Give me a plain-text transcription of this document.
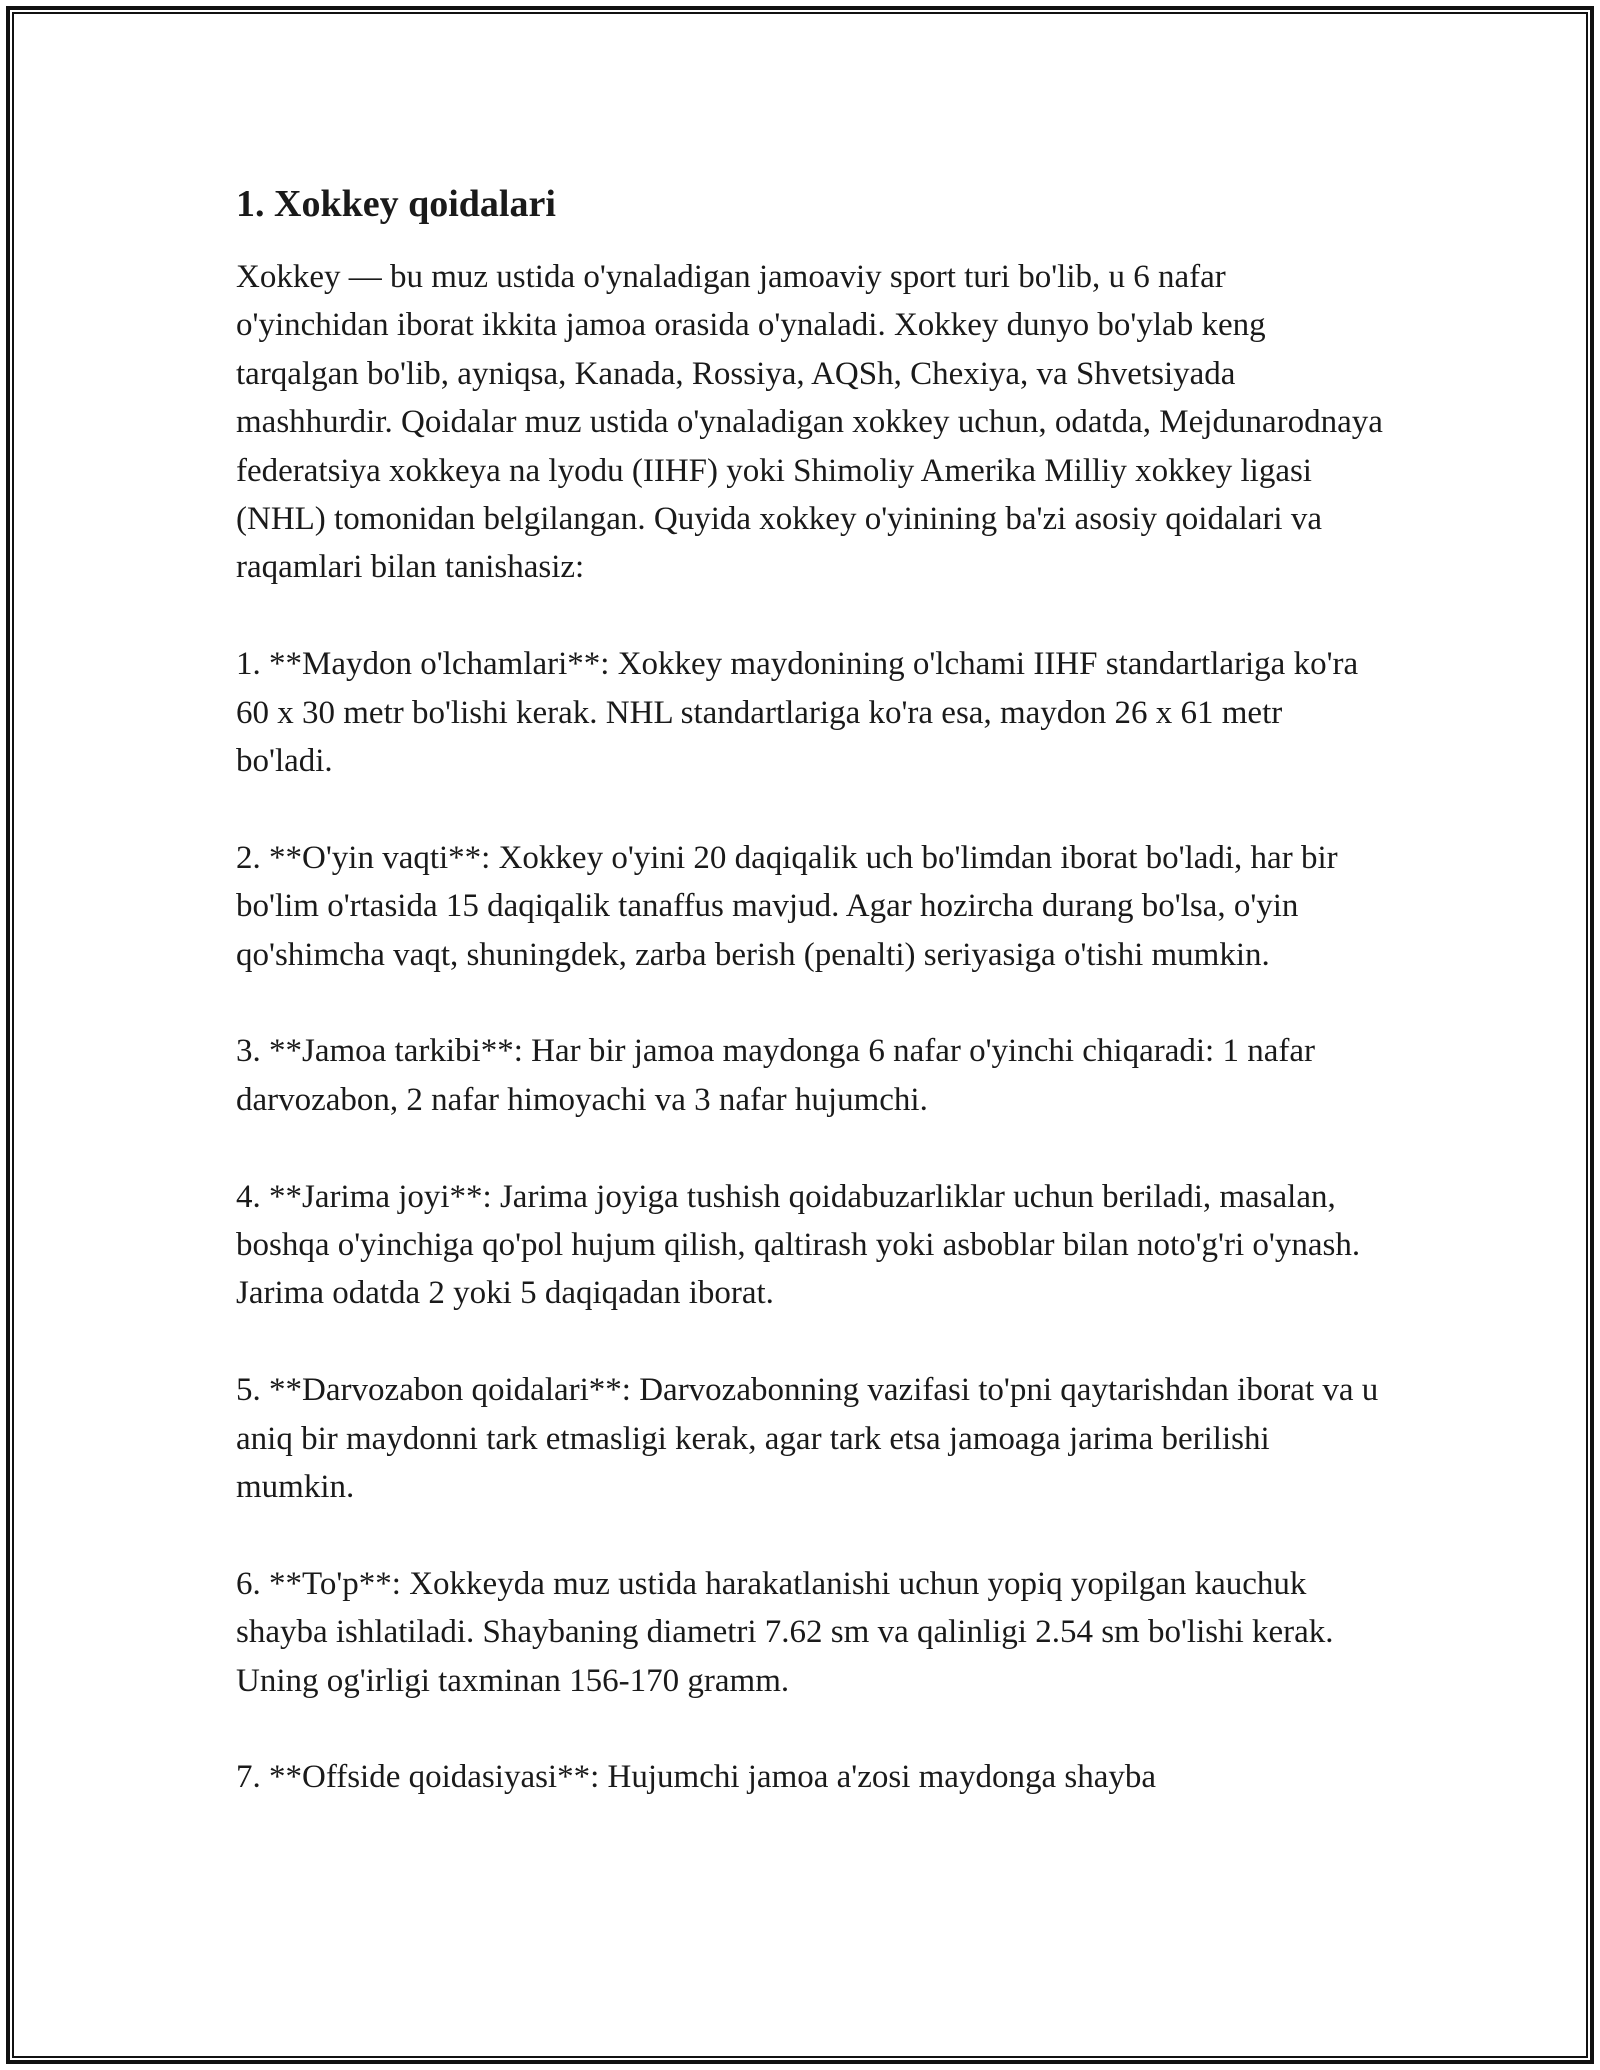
1. Xokkey qoidalari

Xokkey — bu muz ustida o'ynaladigan jamoaviy sport turi bo'lib, u 6 nafar o'yinchidan iborat ikkita jamoa orasida o'ynaladi. Xokkey dunyo bo'ylab keng tarqalgan bo'lib, ayniqsa, Kanada, Rossiya, AQSh, Chexiya, va Shvetsiyada mashhurdir. Qoidalar muz ustida o'ynaladigan xokkey uchun, odatda, Mejdunarodnaya federatsiya xokkeya na lyodu (IIHF) yoki Shimoliy Amerika Milliy xokkey ligasi (NHL) tomonidan belgilangan. Quyida xokkey o'yinining ba'zi asosiy qoidalari va raqamlari bilan tanishasiz:

1. **Maydon o'lchamlari**: Xokkey maydonining o'lchami IIHF standartlariga ko'ra 60 x 30 metr bo'lishi kerak. NHL standartlariga ko'ra esa, maydon 26 x 61 metr bo'ladi.

2. **O'yin vaqti**: Xokkey o'yini 20 daqiqalik uch bo'limdan iborat bo'ladi, har bir bo'lim o'rtasida 15 daqiqalik tanaffus mavjud. Agar hozircha durang bo'lsa, o'yin qo'shimcha vaqt, shuningdek, zarba berish (penalti) seriyasiga o'tishi mumkin.

3. **Jamoa tarkibi**: Har bir jamoa maydonga 6 nafar o'yinchi chiqaradi: 1 nafar darvozabon, 2 nafar himoyachi va 3 nafar hujumchi.

4. **Jarima joyi**: Jarima joyiga tushish qoidabuzarliklar uchun beriladi, masalan, boshqa o'yinchiga qo'pol hujum qilish, qaltirash yoki asboblar bilan noto'g'ri o'ynash. Jarima odatda 2 yoki 5 daqiqadan iborat.

5. **Darvozabon qoidalari**: Darvozabonning vazifasi to'pni qaytarishdan iborat va u aniq bir maydonni tark etmasligi kerak, agar tark etsa jamoaga jarima berilishi mumkin.

6. **To'p**: Xokkeyda muz ustida harakatlanishi uchun yopiq yopilgan kauchuk shayba ishlatiladi. Shaybaning diametri 7.62 sm va qalinligi 2.54 sm bo'lishi kerak. Uning og'irligi taxminan 156-170 gramm.

7. **Offside qoidasiyasi**: Hujumchi jamoa a'zosi maydonga shayba
